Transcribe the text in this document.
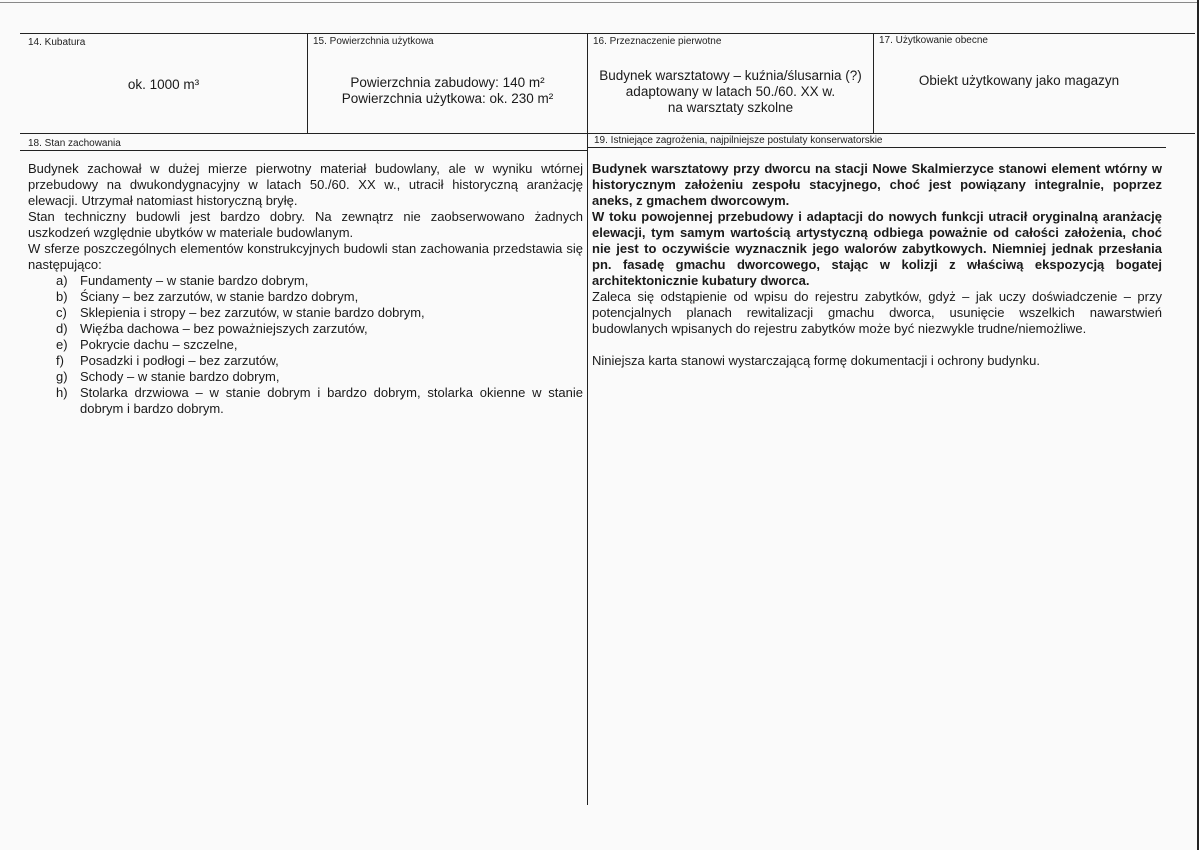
14. Kubatura
ok. 1000 m³
15. Powierzchnia użytkowa
Powierzchnia zabudowy: 140 m²
Powierzchnia użytkowa: ok. 230 m²
16. Przeznaczenie pierwotne
Budynek warsztatowy – kuźnia/ślusarnia (?)
adaptowany w latach 50./60. XX w.
na warsztaty szkolne
17. Użytkowanie obecne
Obiekt użytkowany jako magazyn
18. Stan zachowania

Budynek zachował w dużej mierze pierwotny materiał budowlany, ale w wyniku wtórnej przebudowy na dwukondygnacyjny w latach 50./60. XX w., utracił historyczną aranżację elewacji. Utrzymał natomiast historyczną bryłę.

Stan techniczny budowli jest bardzo dobry. Na zewnątrz nie zaobserwowano żadnych uszkodzeń względnie ubytków w materiale budowlanym.

W sferze poszczególnych elementów konstrukcyjnych budowli stan zachowania przedstawia się następująco:

a) Fundamenty – w stanie bardzo dobrym,
b) Ściany – bez zarzutów, w stanie bardzo dobrym,
c) Sklepienia i stropy – bez zarzutów, w stanie bardzo dobrym,
d) Więźba dachowa – bez poważniejszych zarzutów,
e) Pokrycie dachu – szczelne,
f) Posadzki i podłogi – bez zarzutów,
g) Schody – w stanie bardzo dobrym,
h) Stolarka drzwiowa – w stanie dobrym i bardzo dobrym, stolarka okienne w stanie dobrym i bardzo dobrym.
19. Istniejące zagrożenia, najpilniejsze postulaty konserwatorskie

Budynek warsztatowy przy dworcu na stacji Nowe Skalmierzyce stanowi element wtórny w historycznym założeniu zespołu stacyjnego, choć jest powiązany integralnie, poprzez aneks, z gmachem dworcowym.

W toku powojennej przebudowy i adaptacji do nowych funkcji utracił oryginalną aranżację elewacji, tym samym wartością artystyczną odbiega poważnie od całości założenia, choć nie jest to oczywiście wyznacznik jego walorów zabytkowych. Niemniej jednak przesłania pn. fasadę gmachu dworcowego, stając w kolizji z właściwą ekspozycją bogatej architektonicznie kubatury dworca.

Zaleca się odstąpienie od wpisu do rejestru zabytków, gdyż – jak uczy doświadczenie – przy potencjalnych planach rewitalizacji gmachu dworca, usunięcie wszelkich nawarstwień budowlanych wpisanych do rejestru zabytków może być niezwykle trudne/niemożliwe.

Niniejsza karta stanowi wystarczającą formę dokumentacji i ochrony budynku.
